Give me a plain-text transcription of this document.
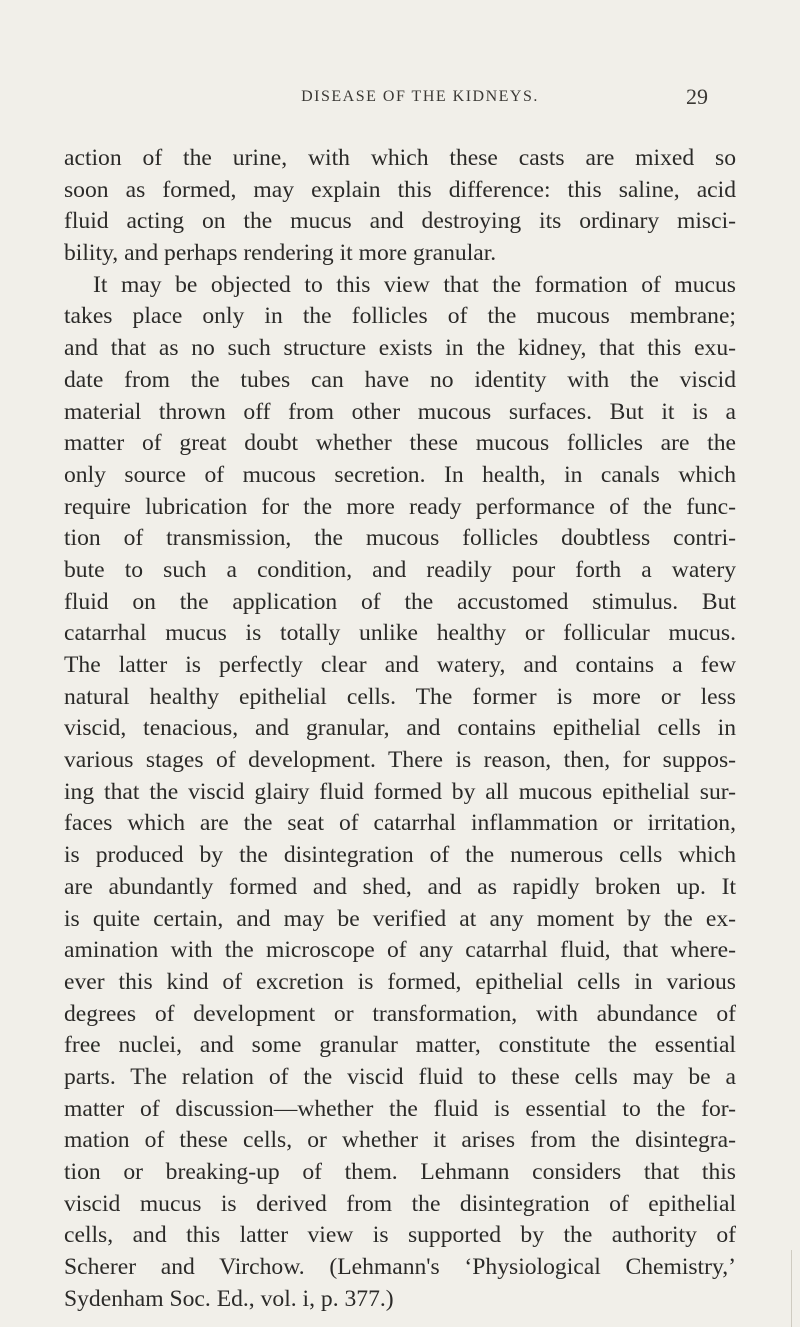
DISEASE OF THE KIDNEYS.	29
action of the urine, with which these casts are mixed so
soon as formed, may explain this difference: this saline, acid
fluid acting on the mucus and destroying its ordinary misci-
bility, and perhaps rendering it more granular.
It may be objected to this view that the formation of mucus
takes place only in the follicles of the mucous membrane;
and that as no such structure exists in the kidney, that this exu-
date from the tubes can have no identity with the viscid
material thrown off from other mucous surfaces. But it is a
matter of great doubt whether these mucous follicles are the
only source of mucous secretion. In health, in canals which
require lubrication for the more ready performance of the func-
tion of transmission, the mucous follicles doubtless contri-
bute to such a condition, and readily pour forth a watery
fluid on the application of the accustomed stimulus. But
catarrhal mucus is totally unlike healthy or follicular mucus.
The latter is perfectly clear and watery, and contains a few
natural healthy epithelial cells. The former is more or less
viscid, tenacious, and granular, and contains epithelial cells in
various stages of development. There is reason, then, for suppos-
ing that the viscid glairy fluid formed by all mucous epithelial sur-
faces which are the seat of catarrhal inflammation or irritation,
is produced by the disintegration of the numerous cells which
are abundantly formed and shed, and as rapidly broken up. It
is quite certain, and may be verified at any moment by the ex-
amination with the microscope of any catarrhal fluid, that where-
ever this kind of excretion is formed, epithelial cells in various
degrees of development or transformation, with abundance of
free nuclei, and some granular matter, constitute the essential
parts. The relation of the viscid fluid to these cells may be a
matter of discussion—whether the fluid is essential to the for-
mation of these cells, or whether it arises from the disintegra-
tion or breaking-up of them. Lehmann considers that this
viscid mucus is derived from the disintegration of epithelial
cells, and this latter view is supported by the authority of
Scherer and Virchow. (Lehmann's ‘Physiological Chemistry,’
Sydenham Soc. Ed., vol. i, p. 377.)
